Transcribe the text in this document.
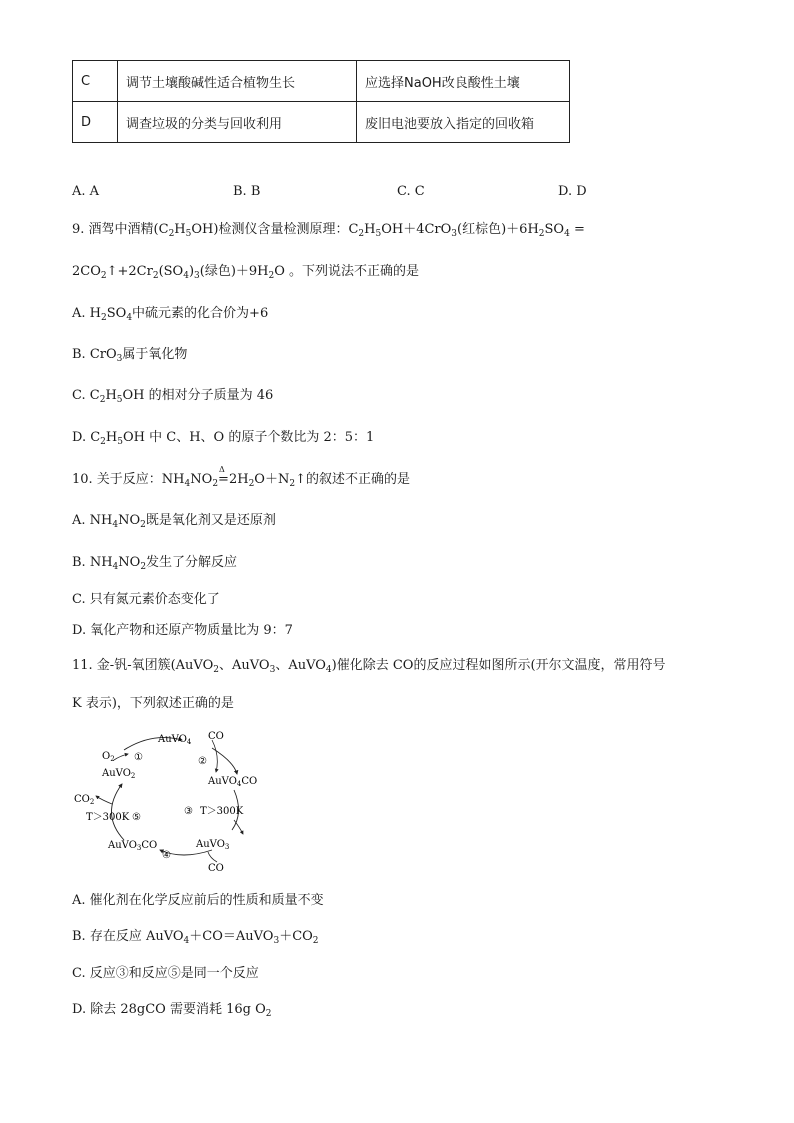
C	调节土壤酸碱性适合植物生长	应选择NaOH改良酸性土壤
D	调查垃圾的分类与回收利用	废旧电池要放入指定的回收箱
A. A	B. B	C. C	D. D
9. 酒驾中酒精$(C_2H_5OH)$检测仪含量检测原理：$C_2H_5OH+4CrO_3$(红棕色)$+6H_2SO_4$ =
$2CO_2↑+2Cr_2(SO_4)_3$(绿色)$+9H_2O$ 。下列说法不正确的是
A. $H_2SO_4$中硫元素的化合价为+6
B. CrO$_3$属于氧化物
C. $C_2H_5OH$ 的相对分子质量为 46
D. $C_2H_5OH$ 中 C、H、O 的原子个数比为 2：5：1
10. 关于反应：$NH_4NO_2$
Δ
$=2H_2O+N_2↑$的叙述不正确的是
A. $NH_4NO_2$既是氧化剂又是还原剂
B. $NH_4NO_2$发生了分解反应
C. 只有氮元素价态变化了
D. 氧化产物和还原产物质量比为 9：7
11. 金-钒-氧团簇(AuVO$_2$、AuVO$_3$、AuVO$_4$)催化除去 CO的反应过程如图所示(开尔文温度，常用符号
K 表示)，下列叙述正确的是
AuVO$_4$ CO
AuVO$_4$CO
$O_2$ ①	②
AuVO$_2$
$CO_2$
③ T＞300K
T＞300K ⑤
AuVO$_3$CO
④
AuVO$_3$
CO
A. 催化剂在化学反应前后的性质和质量不变
B. 存在反应 $AuVO_4+CO=AuVO_3+CO_2$
C. 反应③和反应⑤是同一个反应
D. 除去 28gCO 需要消耗 16g $O_2$
